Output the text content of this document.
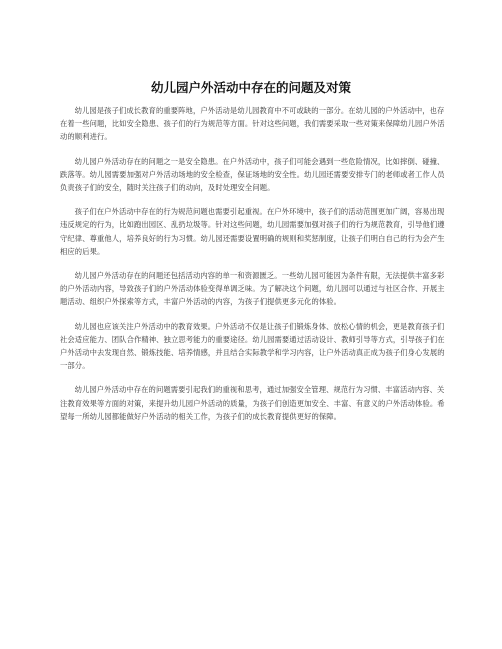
幼儿园户外活动中存在的问题及对策

幼儿园是孩子们成长教育的重要阵地，户外活动是幼儿园教育中不可或缺的一部分。在幼儿园的户外活动中，也存在着一些问题，比如安全隐患、孩子们的行为规范等方面。针对这些问题，我们需要采取一些对策来保障幼儿园户外活动的顺利进行。

幼儿园户外活动存在的问题之一是安全隐患。在户外活动中，孩子们可能会遇到一些危险情况，比如摔倒、碰撞、跌落等。幼儿园需要加强对户外活动场地的安全检查，保证场地的安全性。幼儿园还需要安排专门的老师或者工作人员负责孩子们的安全，随时关注孩子们的动向，及时处理安全问题。

孩子们在户外活动中存在的行为规范问题也需要引起重视。在户外环境中，孩子们的活动范围更加广阔，容易出现违反规定的行为，比如跑出园区、乱扔垃圾等。针对这些问题，幼儿园需要加强对孩子们的行为规范教育，引导他们遵守纪律、尊重他人，培养良好的行为习惯。幼儿园还需要设置明确的规则和奖惩制度，让孩子们明白自己的行为会产生相应的后果。

幼儿园户外活动存在的问题还包括活动内容的单一和资源匮乏。一些幼儿园可能因为条件有限，无法提供丰富多彩的户外活动内容，导致孩子们的户外活动体验变得单调乏味。为了解决这个问题，幼儿园可以通过与社区合作、开展主题活动、组织户外探索等方式，丰富户外活动的内容，为孩子们提供更多元化的体验。

幼儿园也应该关注户外活动中的教育效果。户外活动不仅是让孩子们锻炼身体、放松心情的机会，更是教育孩子们社会适应能力、团队合作精神、独立思考能力的重要途径。幼儿园需要通过活动设计、教师引导等方式，引导孩子们在户外活动中去发现自然、锻炼技能、培养情感，并且结合实际教学和学习内容，让户外活动真正成为孩子们身心发展的一部分。

幼儿园户外活动中存在的问题需要引起我们的重视和思考，通过加强安全管理、规范行为习惯、丰富活动内容、关注教育效果等方面的对策，来提升幼儿园户外活动的质量，为孩子们创造更加安全、丰富、有意义的户外活动体验。希望每一所幼儿园都能做好户外活动的相关工作，为孩子们的成长教育提供更好的保障。
